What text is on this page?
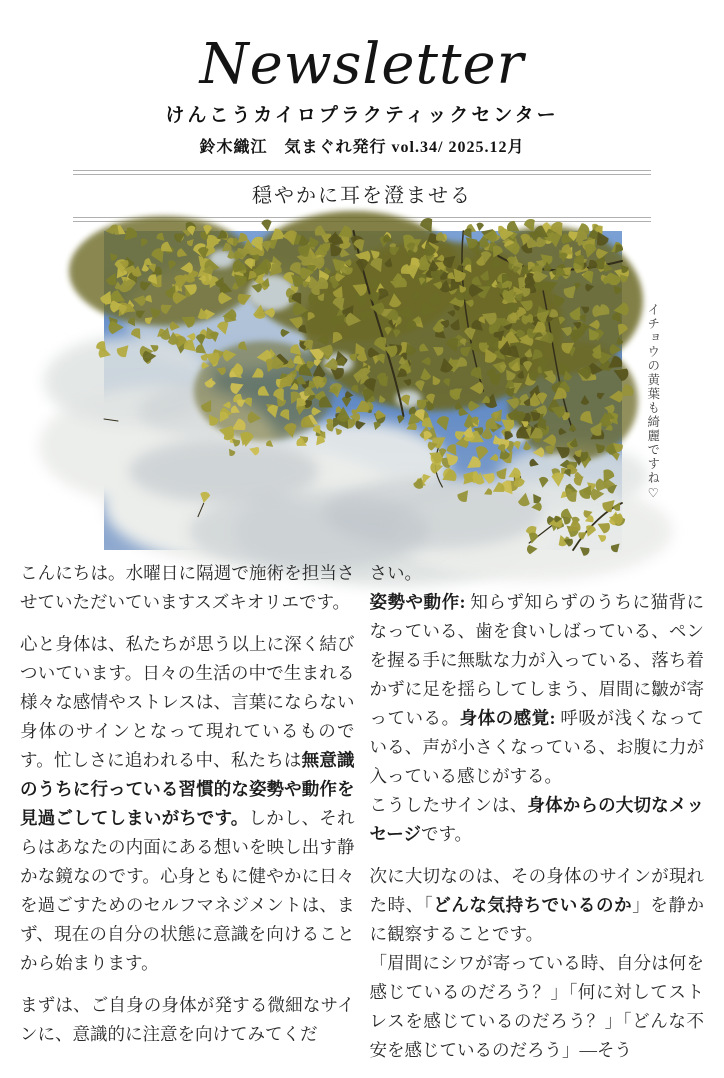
Newsletter
けんこうカイロプラクティックセンター
鈴木織江　気まぐれ発行 vol.34/ 2025.12月
穏やかに耳を澄ませる
イチョウの黄葉も綺麗ですね♡

こんにちは。水曜日に隔週で施術を担当させていただいていますスズキオリエです。

心と身体は、私たちが思う以上に深く結びついています。日々の生活の中で生まれる様々な感情やストレスは、言葉にならない身体のサインとなって現れているものです。忙しさに追われる中、私たちは無意識のうちに行っている習慣的な姿勢や動作を見過ごしてしまいがちです。しかし、それらはあなたの内面にある想いを映し出す静かな鏡なのです。心身ともに健やかに日々を過ごすためのセルフマネジメントは、まず、現在の自分の状態に意識を向けることから始まります。

まずは、ご自身の身体が発する微細なサインに、意識的に注意を向けてみてくだ

さい。
姿勢や動作: 知らず知らずのうちに猫背になっている、歯を食いしばっている、ペンを握る手に無駄な力が入っている、落ち着かずに足を揺らしてしまう、眉間に皺が寄っている。身体の感覚: 呼吸が浅くなっている、声が小さくなっている、お腹に力が入っている感じがする。
こうしたサインは、身体からの大切なメッセージです。

次に大切なのは、その身体のサインが現れた時、「どんな気持ちでいるのか」を静かに観察することです。
「眉間にシワが寄っている時、自分は何を感じているのだろう？」「何に対してストレスを感じているのだろう？」「どんな不安を感じているのだろう」―そう
